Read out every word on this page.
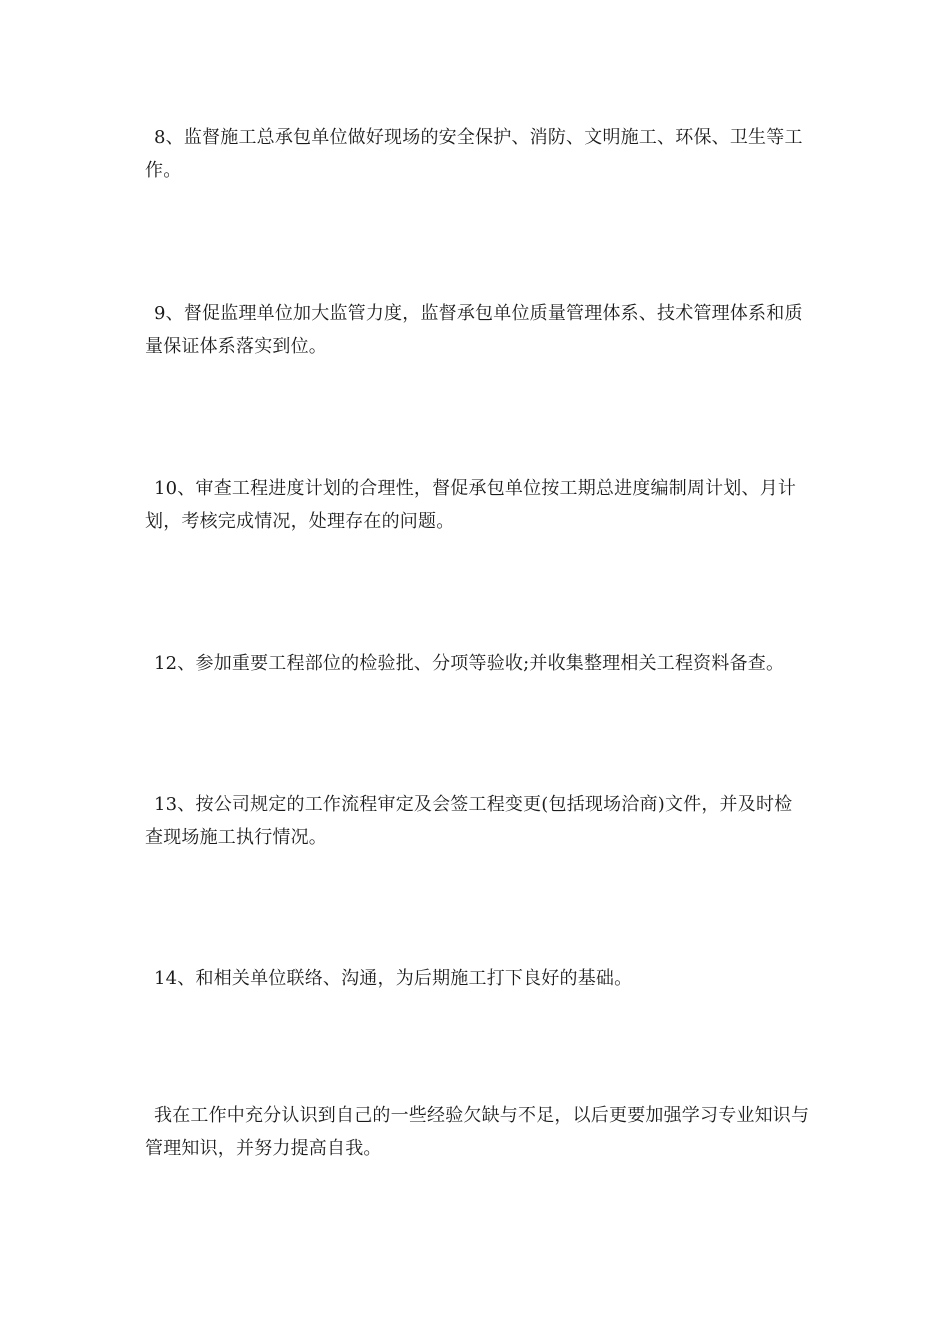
8、监督施工总承包单位做好现场的安全保护、消防、文明施工、环保、卫生等工作。

9、督促监理单位加大监管力度，监督承包单位质量管理体系、技术管理体系和质量保证体系落实到位。

10、审查工程进度计划的合理性，督促承包单位按工期总进度编制周计划、月计划，考核完成情况，处理存在的问题。

12、参加重要工程部位的检验批、分项等验收;并收集整理相关工程资料备查。

13、按公司规定的工作流程审定及会签工程变更(包括现场洽商)文件，并及时检查现场施工执行情况。

14、和相关单位联络、沟通，为后期施工打下良好的基础。

我在工作中充分认识到自己的一些经验欠缺与不足，以后更要加强学习专业知识与管理知识，并努力提高自我。
